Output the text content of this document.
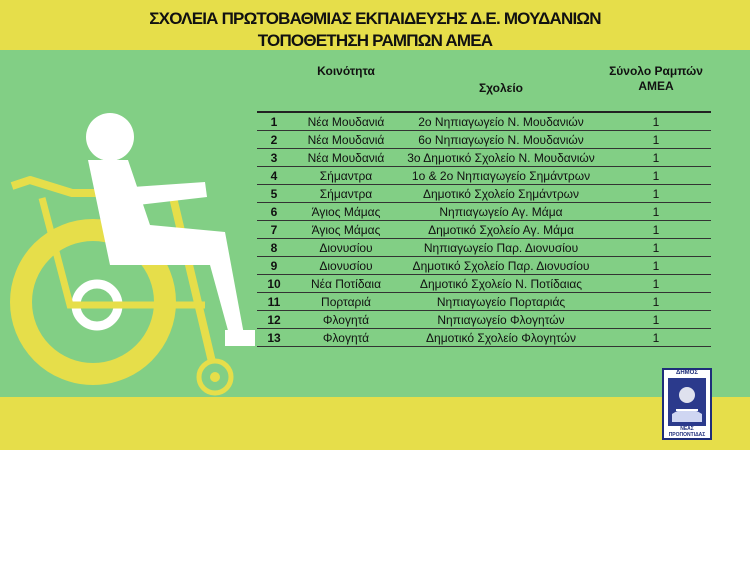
ΣΧΟΛΕΙΑ ΠΡΩΤΟΒΑΘΜΙΑΣ ΕΚΠΑΙΔΕΥΣΗΣ Δ.Ε. ΜΟΥΔΑΝΙΩΝ
ΤΟΠΟΘΕΤΗΣΗ ΡΑΜΠΩΝ ΑΜΕΑ
	Κοινότητα	Σχολείο	Σύνολο Ραμπών ΑΜΕΑ
1	Νέα Μουδανιά	2ο Νηπιαγωγείο Ν. Μουδανιών	1
2	Νέα Μουδανιά	6ο Νηπιαγωγείο Ν. Μουδανιών	1
3	Νέα Μουδανιά	3ο Δημοτικό Σχολείο Ν. Μουδανιών	1
4	Σήμαντρα	1ο & 2ο Νηπιαγωγείο Σημάντρων	1
5	Σήμαντρα	Δημοτικό Σχολείο Σημάντρων	1
6	Άγιος Μάμας	Νηπιαγωγείο Αγ. Μάμα	1
7	Άγιος Μάμας	Δημοτικό Σχολείο Αγ. Μάμα	1
8	Διονυσίου	Νηπιαγωγείο Παρ. Διονυσίου	1
9	Διονυσίου	Δημοτικό Σχολείο Παρ. Διονυσίου	1
10	Νέα Ποτίδαια	Δημοτικό Σχολείο Ν. Ποτίδαιας	1
11	Πορταριά	Νηπιαγωγείο Πορταριάς	1
12	Φλογητά	Νηπιαγωγείο Φλογητών	1
13	Φλογητά	Δημοτικό Σχολείο Φλογητών	1
ΔΗΜΟΣ
ΝΕΑΣ ΠΡΟΠΟΝΤΙΔΑΣ
